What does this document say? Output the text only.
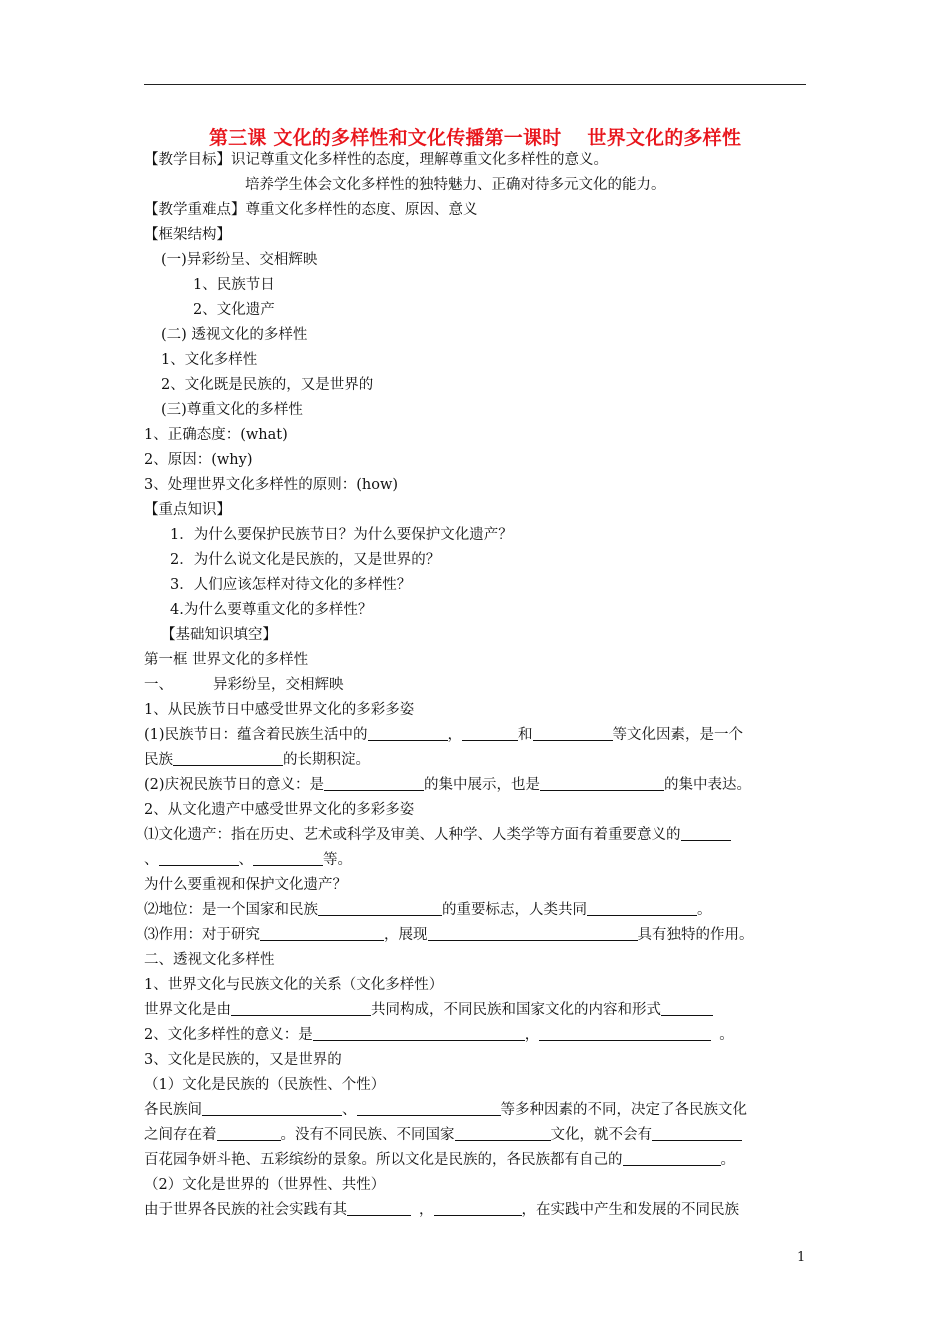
第三课 文化的多样性和文化传播第一课时　 世界文化的多样性
【教学目标】识记尊重文化多样性的态度，理解尊重文化多样性的意义。
培养学生体会文化多样性的独特魅力、正确对待多元文化的能力。
【教学重难点】尊重文化多样性的态度、原因、意义
【框架结构】
(一)异彩纷呈、交相辉映
1、民族节日
2、文化遗产
(二) 透视文化的多样性
1、文化多样性
2、文化既是民族的，又是世界的
(三)尊重文化的多样性
1、正确态度：(what)
2、原因：(why)
3、处理世界文化多样性的原则：(how)
【重点知识】
1．为什么要保护民族节日？为什么要保护文化遗产？
2．为什么说文化是民族的，又是世界的？
3．人们应该怎样对待文化的多样性？
4.为什么要尊重文化的多样性？
【基础知识填空】
第一框 世界文化的多样性
一、	异彩纷呈，交相辉映
1、从民族节日中感受世界文化的多彩多姿
(1)民族节日：蕴含着民族生活中的	，	和	等文化因素，是一个
民族	的长期积淀。
(2)庆祝民族节日的意义：是	的集中展示，也是	的集中表达。
2、从文化遗产中感受世界文化的多彩多姿
⑴文化遗产：指在历史、艺术或科学及审美、人种学、人类学等方面有着重要意义的
、	、	等。
为什么要重视和保护文化遗产？
⑵地位：是一个国家和民族	的重要标志，人类共同	。
⑶作用：对于研究	，展现	具有独特的作用。
二、透视文化多样性
1、世界文化与民族文化的关系（文化多样性）
世界文化是由	共同构成，不同民族和国家文化的内容和形式
2、文化多样性的意义：是	，	。
3、文化是民族的，又是世界的
（1）文化是民族的（民族性、个性）
各民族间	、	等多种因素的不同，决定了各民族文化
之间存在着	。没有不同民族、不同国家	文化，就不会有
百花园争妍斗艳、五彩缤纷的景象。所以文化是民族的，各民族都有自己的	。
（2）文化是世界的（世界性、共性）
由于世界各民族的社会实践有其	，	，在实践中产生和发展的不同民族
1
